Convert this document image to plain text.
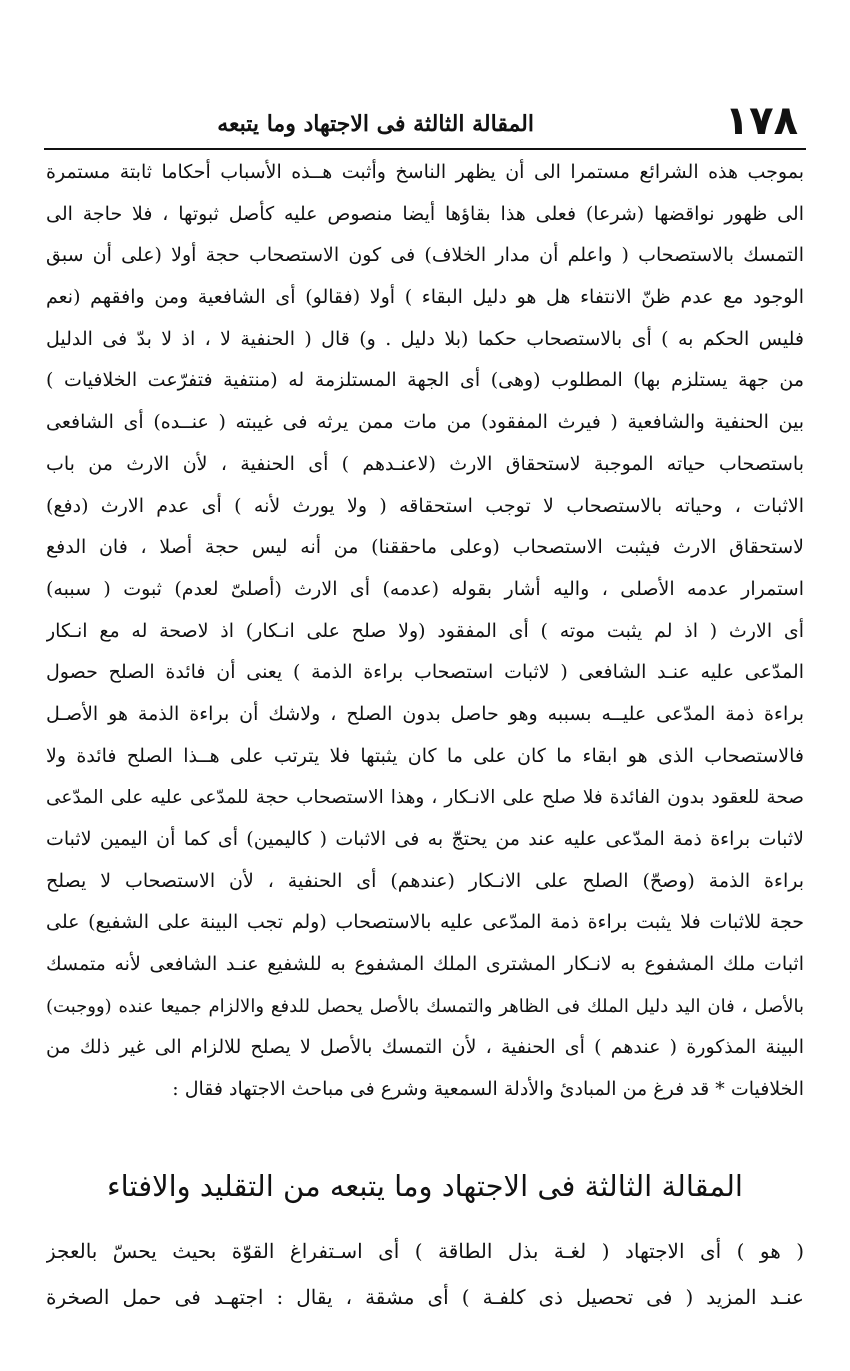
١٧٨
المقالة الثالثة فى الاجتهاد وما يتبعه
بموجب هذه الشرائع مستمرا الى أن يظهر الناسخ وأثبت هــذه الأسباب أحكاما ثابتة مستمرة
الى ظهور نواقضها (شرعا) فعلى هذا بقاؤها أيضا منصوص عليه كأصل ثبوتها ، فلا حاجة الى
التمسك بالاستصحاب ( واعلم أن مدار الخلاف) فى كون الاستصحاب حجة أولا (على أن سبق
الوجود مع عدم ظنّ الانتفاء هل هو دليل البقاء ) أولا (فقالو) أى الشافعية ومن وافقهم (نعم
فليس الحكم به ) أى بالاستصحاب حكما (بلا دليل . و) قال ( الحنفية لا ، اذ لا بدّ فى الدليل
من جهة يستلزم بها) المطلوب (وهى) أى الجهة المستلزمة له (منتفية فتفرّعت الخلافيات )
بين الحنفية والشافعية ( فيرث المفقود) من مات ممن يرثه فى غيبته ( عنــده) أى الشافعى
باستصحاب حياته الموجبة لاستحقاق الارث (لاعنـدهم ) أى الحنفية ، لأن الارث من باب
الاثبات ، وحياته بالاستصحاب لا توجب استحقاقه ( ولا يورث لأنه ) أى عدم الارث (دفع)
لاستحقاق الارث فيثبت الاستصحاب (وعلى ماحققنا) من أنه ليس حجة أصلا ، فان الدفع
استمرار عدمه الأصلى ، واليه أشار بقوله (عدمه) أى الارث (أصلىّ لعدم) ثبوت ( سببه)
أى الارث ( اذ لم يثبت موته ) أى المفقود (ولا صلح على انـكار) اذ لاصحة له مع انـكار
المدّعى عليه عنـد الشافعى ( لاثبات استصحاب براءة الذمة ) يعنى أن فائدة الصلح حصول
براءة ذمة المدّعى عليــه بسببه وهو حاصل بدون الصلح ، ولاشك أن براءة الذمة هو الأصـل
فالاستصحاب الذى هو ابقاء ما كان على ما كان يثبتها فلا يترتب على هــذا الصلح فائدة ولا
صحة للعقود بدون الفائدة فلا صلح على الانـكار ، وهذا الاستصحاب حجة للمدّعى عليه على المدّعى
لاثبات براءة ذمة المدّعى عليه عند من يحتجّ به فى الاثبات ( كاليمين) أى كما أن اليمين لاثبات
براءة الذمة (وصحّ) الصلح على الانـكار (عندهم) أى الحنفية ، لأن الاستصحاب لا يصلح
حجة للاثبات فلا يثبت براءة ذمة المدّعى عليه بالاستصحاب (ولم تجب البينة على الشفيع) على
اثبات ملك المشفوع به لانـكار المشترى الملك المشفوع به للشفيع عنـد الشافعى لأنه متمسك
بالأصل ، فان اليد دليل الملك فى الظاهر والتمسك بالأصل يحصل للدفع والالزام جميعا عنده (ووجبت)
البينة المذكورة ( عندهم ) أى الحنفية ، لأن التمسك بالأصل لا يصلح للالزام الى غير ذلك من
الخلافيات * قد فرغ من المبادئ والأدلة السمعية وشرع فى مباحث الاجتهاد فقال :
المقالة الثالثة فى الاجتهاد وما يتبعه من التقليد والافتاء
( هو ) أى الاجتهاد ( لغـة بذل الطاقة ) أى اسـتفراغ القوّة بحيث يحسّ بالعجز
عنـد المزيد ( فى تحصيل ذى كلفـة ) أى مشقة ، يقال : اجتهـد فى حمل الصخرة
